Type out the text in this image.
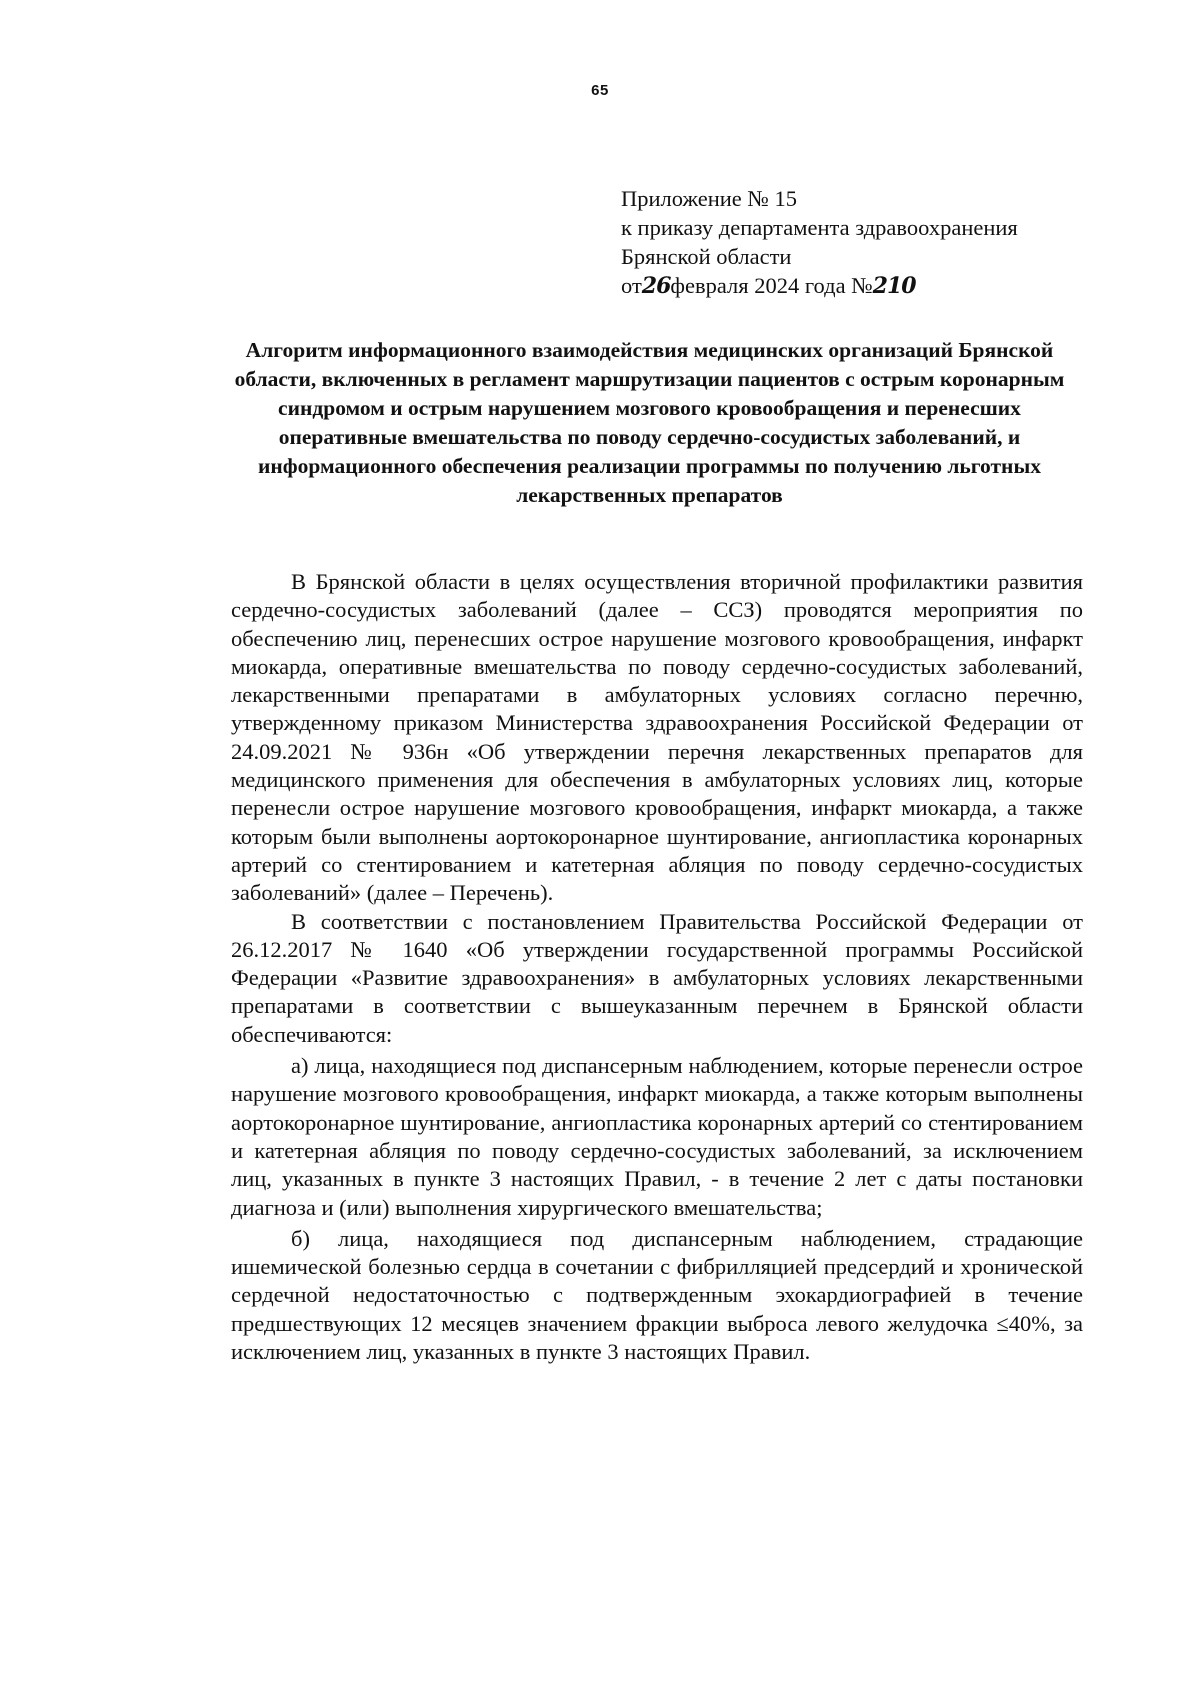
65
Приложение № 15
к приказу департамента здравоохранения
Брянской области
от26февраля 2024 года №210
Алгоритм информационного взаимодействия медицинских организаций Брянской области, включенных в регламент маршрутизации пациентов с острым коронарным синдромом и острым нарушением мозгового кровообращения и перенесших оперативные вмешательства по поводу сердечно-сосудистых заболеваний, и информационного обеспечения реализации программы по получению льготных лекарственных препаратов

В Брянской области в целях осуществления вторичной профилактики развития сердечно-сосудистых заболеваний (далее – ССЗ) проводятся мероприятия по обеспечению лиц, перенесших острое нарушение мозгового кровообращения, инфаркт миокарда, оперативные вмешательства по поводу сердечно-сосудистых заболеваний, лекарственными препаратами в амбулаторных условиях согласно перечню, утвержденному приказом Министерства здравоохранения Российской Федерации от 24.09.2021 № 936н «Об утверждении перечня лекарственных препаратов для медицинского применения для обеспечения в амбулаторных условиях лиц, которые перенесли острое нарушение мозгового кровообращения, инфаркт миокарда, а также которым были выполнены аортокоронарное шунтирование, ангиопластика коронарных артерий со стентированием и катетерная абляция по поводу сердечно-сосудистых заболеваний» (далее – Перечень).

В соответствии с постановлением Правительства Российской Федерации от 26.12.2017 № 1640 «Об утверждении государственной программы Российской Федерации «Развитие здравоохранения» в амбулаторных условиях лекарственными препаратами в соответствии с вышеуказанным перечнем в Брянской области обеспечиваются:

а) лица, находящиеся под диспансерным наблюдением, которые перенесли острое нарушение мозгового кровообращения, инфаркт миокарда, а также которым выполнены аортокоронарное шунтирование, ангиопластика коронарных артерий со стентированием и катетерная абляция по поводу сердечно-сосудистых заболеваний, за исключением лиц, указанных в пункте 3 настоящих Правил, - в течение 2 лет с даты постановки диагноза и (или) выполнения хирургического вмешательства;

б) лица, находящиеся под диспансерным наблюдением, страдающие ишемической болезнью сердца в сочетании с фибрилляцией предсердий и хронической сердечной недостаточностью с подтвержденным эхокардиографией в течение предшествующих 12 месяцев значением фракции выброса левого желудочка ≤40%, за исключением лиц, указанных в пункте 3 настоящих Правил.
